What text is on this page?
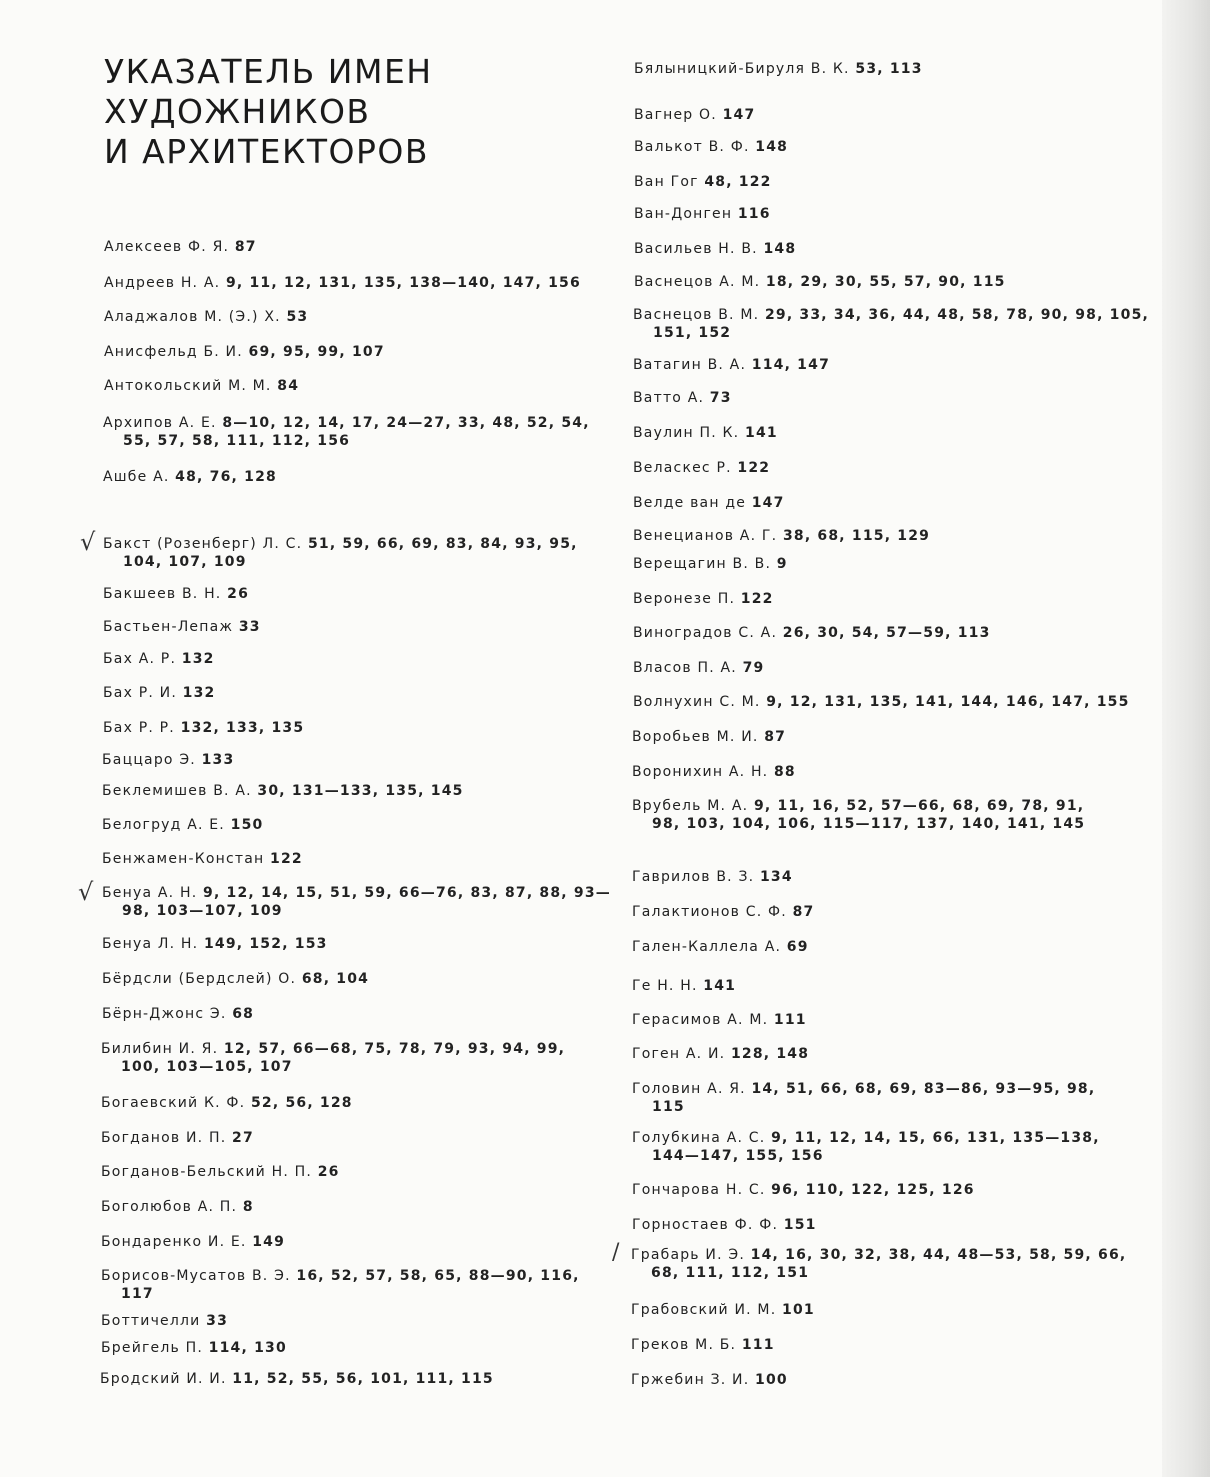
УКАЗАТЕЛЬ ИМЕН
ХУДОЖНИКОВ
И АРХИТЕКТОРОВ
Алексеев Ф. Я. 87
Андреев Н. А. 9, 11, 12, 131, 135, 138—140, 147, 156
Аладжалов М. (Э.) Х. 53
Анисфельд Б. И. 69, 95, 99, 107
Антокольский М. М. 84
Архипов А. Е. 8—10, 12, 14, 17, 24—27, 33, 48, 52, 54,
55, 57, 58, 111, 112, 156
Ашбе А. 48, 76, 128
Бакст (Розенберг) Л. С. 51, 59, 66, 69, 83, 84, 93, 95,
104, 107, 109
Бакшеев В. Н. 26
Бастьен-Лепаж 33
Бах А. Р. 132
Бах Р. И. 132
Бах Р. Р. 132, 133, 135
Баццаро Э. 133
Беклемишев В. А. 30, 131—133, 135, 145
Белогруд А. Е. 150
Бенжамен-Констан 122
Бенуа А. Н. 9, 12, 14, 15, 51, 59, 66—76, 83, 87, 88, 93—
98, 103—107, 109
Бенуа Л. Н. 149, 152, 153
Бёрдсли (Бердслей) О. 68, 104
Бёрн-Джонс Э. 68
Билибин И. Я. 12, 57, 66—68, 75, 78, 79, 93, 94, 99,
100, 103—105, 107
Богаевский К. Ф. 52, 56, 128
Богданов И. П. 27
Богданов-Бельский Н. П. 26
Боголюбов А. П. 8
Бондаренко И. Е. 149
Борисов-Мусатов В. Э. 16, 52, 57, 58, 65, 88—90, 116,
117
Боттичелли 33
Брейгель П. 114, 130
Бродский И. И. 11, 52, 55, 56, 101, 111, 115
Бялыницкий-Бируля В. К. 53, 113
Вагнер О. 147
Валькот В. Ф. 148
Ван Гог 48, 122
Ван-Донген 116
Васильев Н. В. 148
Васнецов А. М. 18, 29, 30, 55, 57, 90, 115
Васнецов В. М. 29, 33, 34, 36, 44, 48, 58, 78, 90, 98, 105,
151, 152
Ватагин В. А. 114, 147
Ватто А. 73
Ваулин П. К. 141
Веласкес Р. 122
Велде ван де 147
Венецианов А. Г. 38, 68, 115, 129
Верещагин В. В. 9
Веронезе П. 122
Виноградов С. А. 26, 30, 54, 57—59, 113
Власов П. А. 79
Волнухин С. М. 9, 12, 131, 135, 141, 144, 146, 147, 155
Воробьев М. И. 87
Воронихин А. Н. 88
Врубель М. А. 9, 11, 16, 52, 57—66, 68, 69, 78, 91,
98, 103, 104, 106, 115—117, 137, 140, 141, 145
Гаврилов В. З. 134
Галактионов С. Ф. 87
Гален-Каллела А. 69
Ге Н. Н. 141
Герасимов А. М. 111
Гоген А. И. 128, 148
Головин А. Я. 14, 51, 66, 68, 69, 83—86, 93—95, 98,
115
Голубкина А. С. 9, 11, 12, 14, 15, 66, 131, 135—138,
144—147, 155, 156
Гончарова Н. С. 96, 110, 122, 125, 126
Горностаев Ф. Ф. 151
Грабарь И. Э. 14, 16, 30, 32, 38, 44, 48—53, 58, 59, 66,
68, 111, 112, 151
Грабовский И. М. 101
Греков М. Б. 111
Гржебин З. И. 100
√
√
/
